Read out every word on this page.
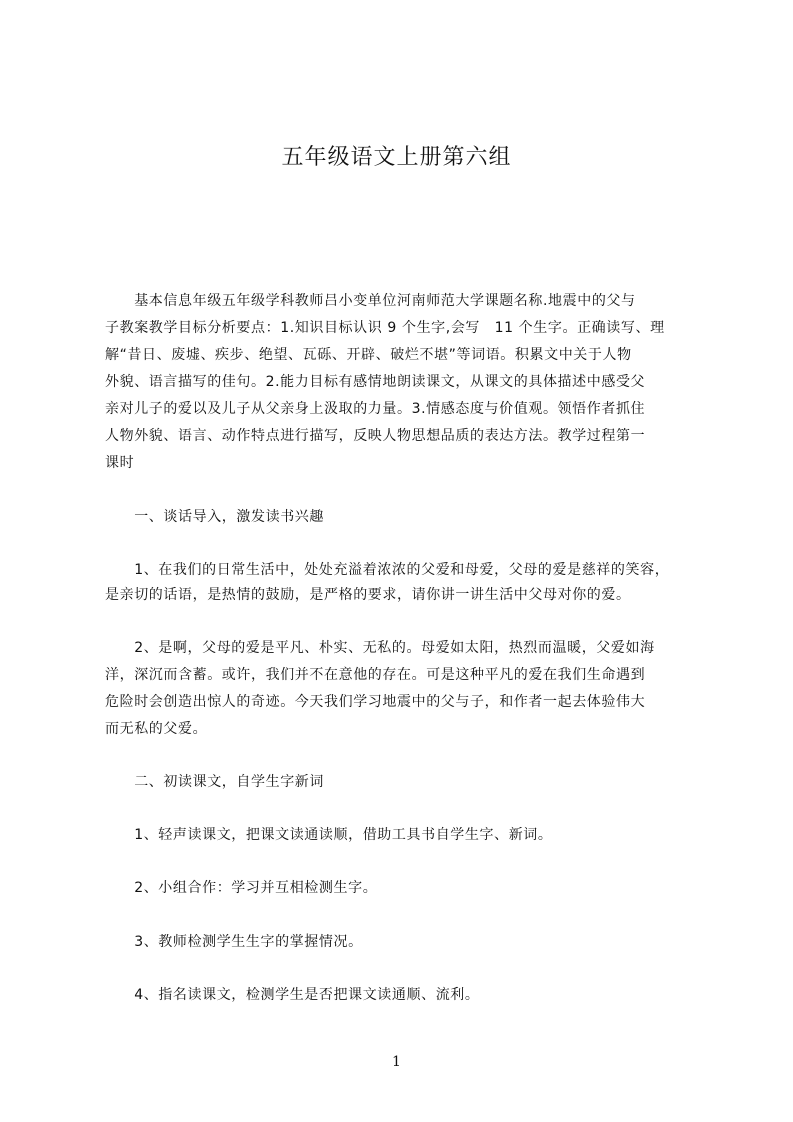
五年级语文上册第六组
　　基本信息年级五年级学科教师吕小变单位河南师范大学课题名称.地震中的父与
子教案教学目标分析要点：1.知识目标认识 9 个生字,会写　11 个生字。正确读写、理
解“昔日、废墟、疾步、绝望、瓦砾、开辟、破烂不堪”等词语。积累文中关于人物
外貌、语言描写的佳句。2.能力目标有感情地朗读课文，从课文的具体描述中感受父
亲对儿子的爱以及儿子从父亲身上汲取的力量。3.情感态度与价值观。领悟作者抓住
人物外貌、语言、动作特点进行描写，反映人物思想品质的表达方法。教学过程第一
课时
　　一、谈话导入，激发读书兴趣
　　1、在我们的日常生活中，处处充溢着浓浓的父爱和母爱，父母的爱是慈祥的笑容，
是亲切的话语，是热情的鼓励，是严格的要求，请你讲一讲生活中父母对你的爱。
　　2、是啊，父母的爱是平凡、朴实、无私的。母爱如太阳，热烈而温暖，父爱如海
洋，深沉而含蓄。或许，我们并不在意他的存在。可是这种平凡的爱在我们生命遇到
危险时会创造出惊人的奇迹。今天我们学习地震中的父与子，和作者一起去体验伟大
而无私的父爱。
　　二、初读课文，自学生字新词
　　1、轻声读课文，把课文读通读顺，借助工具书自学生字、新词。
　　2、小组合作：学习并互相检测生字。
　　3、教师检测学生生字的掌握情况。
　　4、指名读课文，检测学生是否把课文读通顺、流利。
1
